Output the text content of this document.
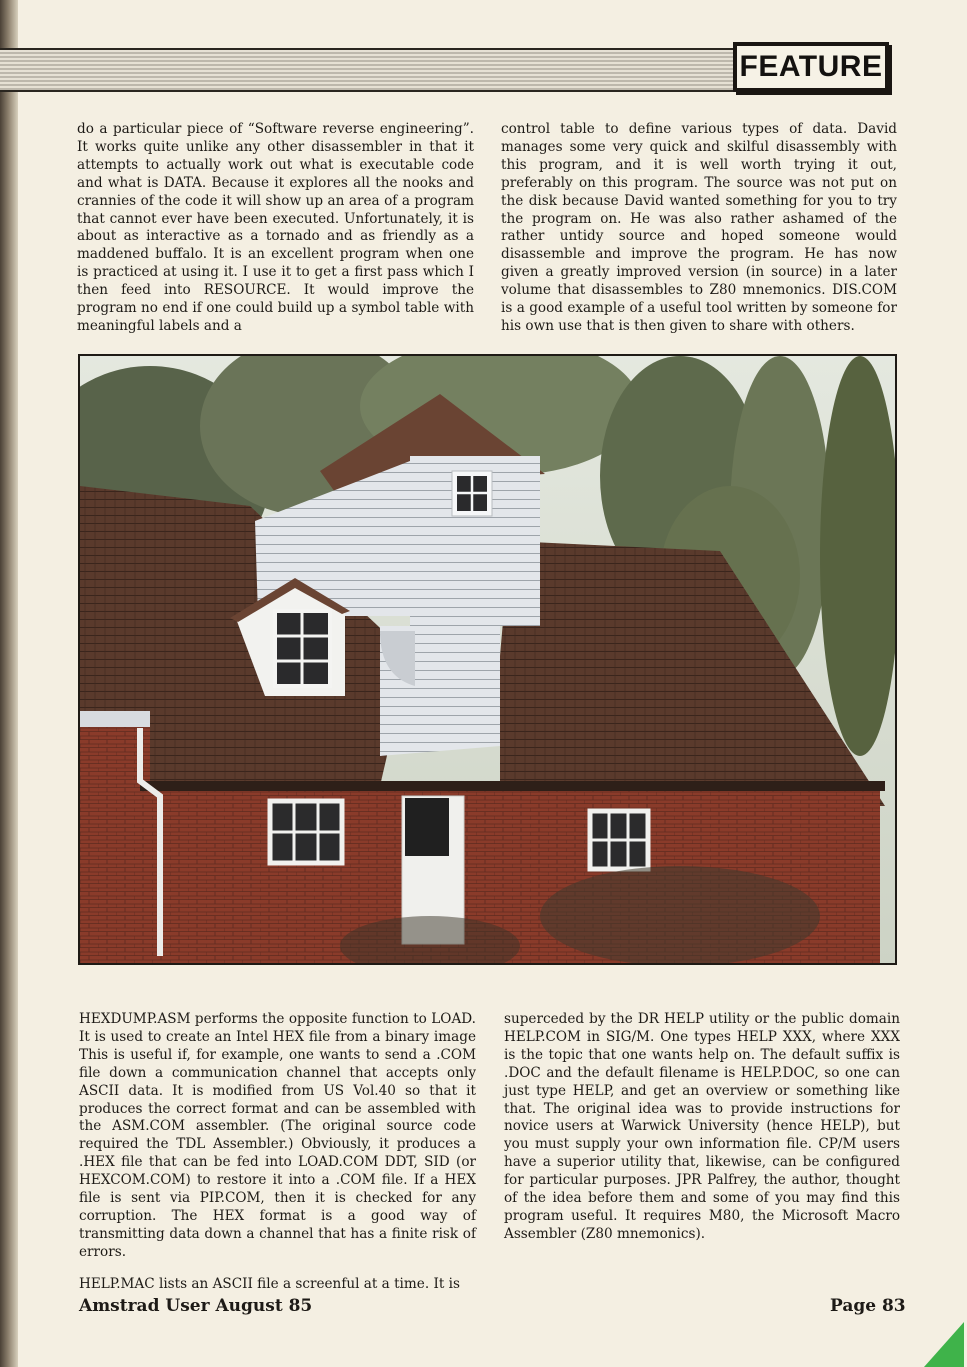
FEATURE

do a particular piece of “Software reverse engineering”. It works quite unlike any other disassembler in that it attempts to actually work out what is executable code and what is DATA. Because it explores all the nooks and crannies of the code it will show up an area of a program that cannot ever have been executed. Unfortunately, it is about as interactive as a tornado and as friendly as a maddened buffalo. It is an excellent program when one is practiced at using it. I use it to get a first pass which I then feed into RESOURCE. It would improve the program no end if one could build up a symbol table with meaningful labels and a

control table to define various types of data. David manages some very quick and skilful disassembly with this program, and it is well worth trying it out, preferably on this program. The source was not put on the disk because David wanted something for you to try the program on. He was also rather ashamed of the rather untidy source and hoped someone would disassemble and improve the program. He has now given a greatly improved version (in source) in a later volume that disassembles to Z80 mnemonics. DIS.COM is a good example of a useful tool written by someone for his own use that is then given to share with others.

HEXDUMP.ASM performs the opposite function to LOAD. It is used to create an Intel HEX file from a binary image This is useful if, for example, one wants to send a .COM file down a communication channel that accepts only ASCII data. It is modified from US Vol.40 so that it produces the correct format and can be assembled with the ASM.COM assembler. (The original source code required the TDL Assembler.) Obviously, it produces a .HEX file that can be fed into LOAD.COM DDT, SID (or HEXCOM.COM) to restore it into a .COM file. If a HEX file is sent via PIP.COM, then it is checked for any corruption. The HEX format is a good way of transmitting data down a channel that has a finite risk of errors.

HELP.MAC lists an ASCII file a screenful at a time. It is

superceded by the DR HELP utility or the public domain HELP.COM in SIG/M. One types HELP XXX, where XXX is the topic that one wants help on. The default suffix is .DOC and the default filename is HELP.DOC, so one can just type HELP, and get an overview or something like that. The original idea was to provide instructions for novice users at Warwick University (hence HELP), but you must supply your own information file. CP/M users have a superior utility that, likewise, can be configured for particular purposes. JPR Palfrey, the author, thought of the idea before them and some of you may find this program useful. It requires M80, the Microsoft Macro Assembler (Z80 mnemonics).

Amstrad User August 85	Page 83
